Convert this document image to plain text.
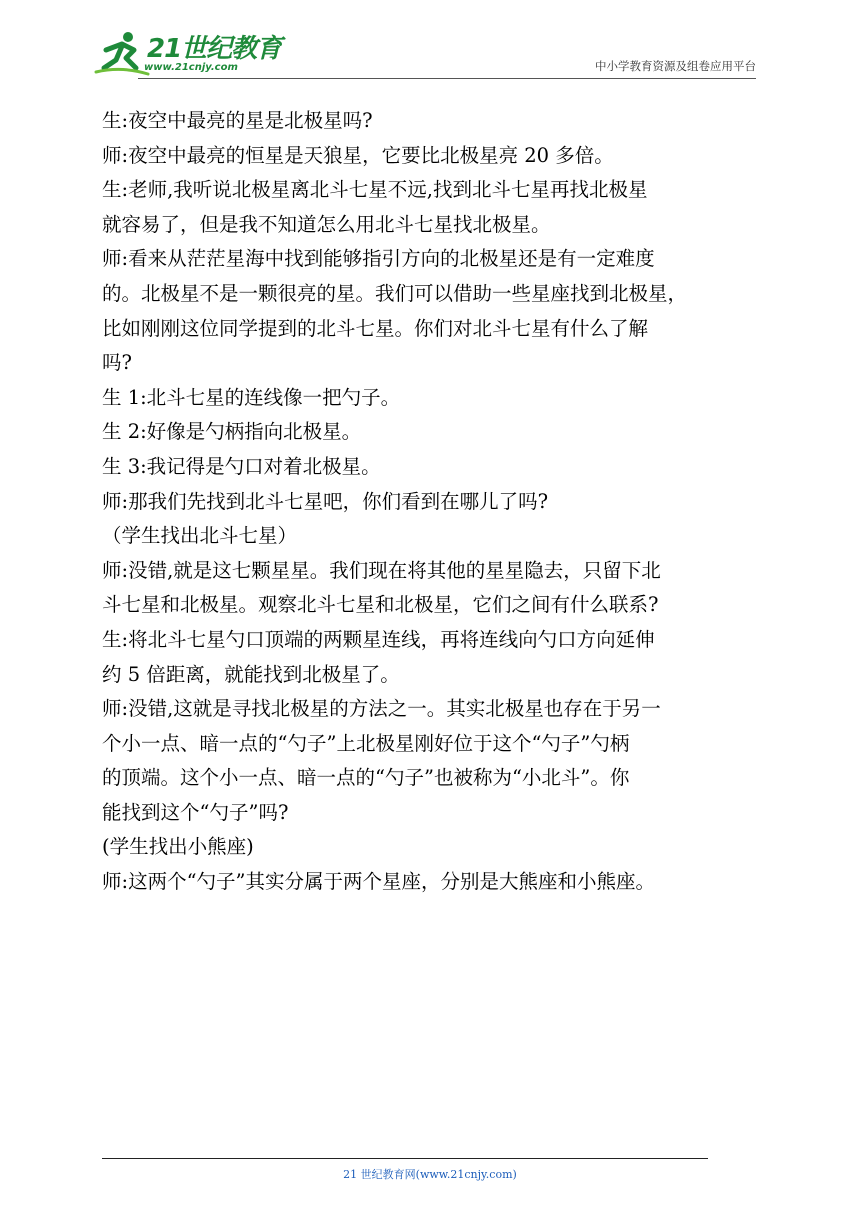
21世纪教育
www.21cnjy.com	中小学教育资源及组卷应用平台
生:夜空中最亮的星是北极星吗?
师:夜空中最亮的恒星是天狼星，它要比北极星亮 20 多倍。
生:老师,我听说北极星离北斗七星不远,找到北斗七星再找北极星
就容易了，但是我不知道怎么用北斗七星找北极星。
师:看来从茫茫星海中找到能够指引方向的北极星还是有一定难度
的。北极星不是一颗很亮的星。我们可以借助一些星座找到北极星，
比如刚刚这位同学提到的北斗七星。你们对北斗七星有什么了解
吗?
生 1:北斗七星的连线像一把勺子。
生 2:好像是勺柄指向北极星。
生 3:我记得是勺口对着北极星。
师:那我们先找到北斗七星吧，你们看到在哪儿了吗?
（学生找出北斗七星）
师:没错,就是这七颗星星。我们现在将其他的星星隐去，只留下北
斗七星和北极星。观察北斗七星和北极星，它们之间有什么联系?
生:将北斗七星勺口顶端的两颗星连线，再将连线向勺口方向延伸
约 5 倍距离，就能找到北极星了。
师:没错,这就是寻找北极星的方法之一。其实北极星也存在于另一
个小一点、暗一点的“勺子”上北极星刚好位于这个“勺子”勺柄
的顶端。这个小一点、暗一点的“勺子”也被称为“小北斗”。你
能找到这个“勺子”吗?
(学生找出小熊座)
师:这两个“勺子”其实分属于两个星座，分别是大熊座和小熊座。
21 世纪教育网(www.21cnjy.com)
